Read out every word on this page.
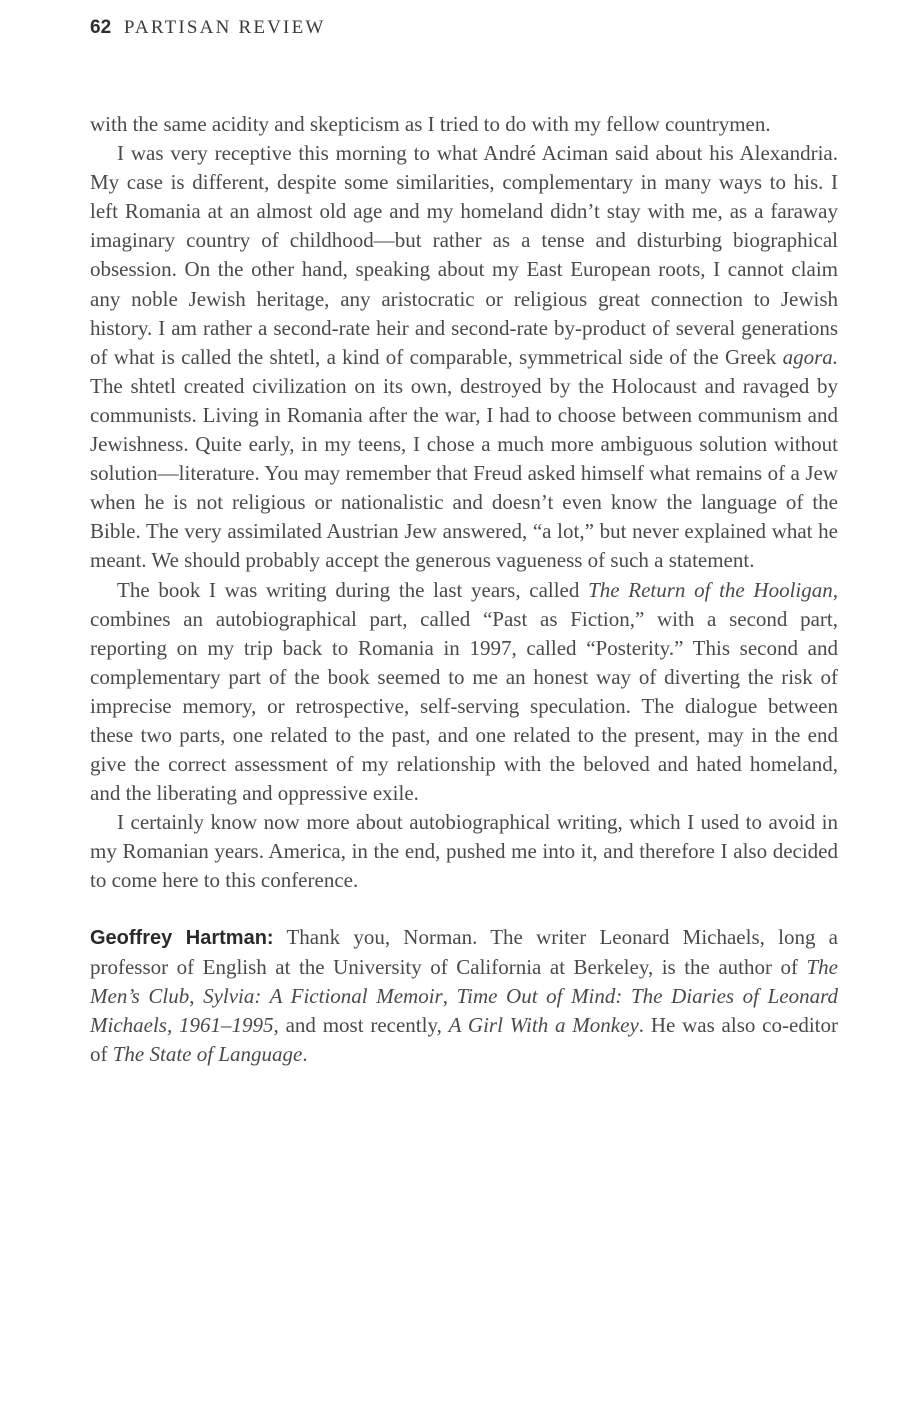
62 PARTISAN REVIEW

with the same acidity and skepticism as I tried to do with my fellow countrymen.

I was very receptive this morning to what André Aciman said about his Alexandria. My case is different, despite some similarities, complementary in many ways to his. I left Romania at an almost old age and my homeland didn’t stay with me, as a faraway imaginary country of childhood—but rather as a tense and disturbing biographical obsession. On the other hand, speaking about my East European roots, I cannot claim any noble Jewish heritage, any aristocratic or religious great connection to Jewish history. I am rather a second-rate heir and second-rate by-product of several generations of what is called the shtetl, a kind of comparable, symmetrical side of the Greek agora. The shtetl created civilization on its own, destroyed by the Holocaust and ravaged by communists. Living in Romania after the war, I had to choose between communism and Jewishness. Quite early, in my teens, I chose a much more ambiguous solution without solution—literature. You may remember that Freud asked himself what remains of a Jew when he is not religious or nationalistic and doesn’t even know the language of the Bible. The very assimilated Austrian Jew answered, “a lot,” but never explained what he meant. We should probably accept the generous vagueness of such a statement.

The book I was writing during the last years, called The Return of the Hooligan, combines an autobiographical part, called “Past as Fiction,” with a second part, reporting on my trip back to Romania in 1997, called “Posterity.” This second and complementary part of the book seemed to me an honest way of diverting the risk of imprecise memory, or retrospective, self-serving speculation. The dialogue between these two parts, one related to the past, and one related to the present, may in the end give the correct assessment of my relationship with the beloved and hated homeland, and the liberating and oppressive exile.

I certainly know now more about autobiographical writing, which I used to avoid in my Romanian years. America, in the end, pushed me into it, and therefore I also decided to come here to this conference.

Geoffrey Hartman: Thank you, Norman. The writer Leonard Michaels, long a professor of English at the University of California at Berkeley, is the author of The Men’s Club, Sylvia: A Fictional Memoir, Time Out of Mind: The Diaries of Leonard Michaels, 1961–1995, and most recently, A Girl With a Monkey. He was also co-editor of The State of Language.
